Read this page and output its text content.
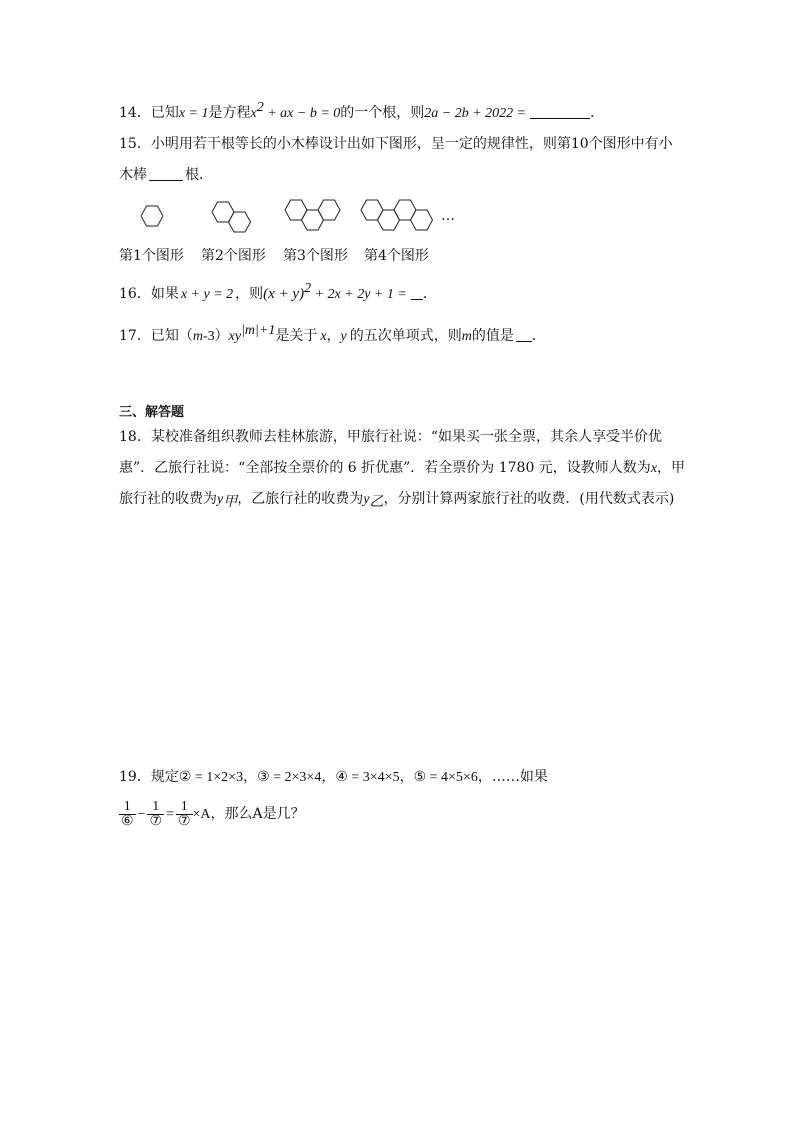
14．已知x = 1是方程$x^2$ + ax − b = 0的一个根，则2a − 2b + 2022 =	．
15．小明用若干根等长的小木棒设计出如下图形，呈一定的规律性，则第10个图形中有小
木棒	根．
…
第1个图形 第2个图形 第3个图形 第4个图形
16．如果 x + y = 2 ，则$(x + y)^2 + 2x + 2y + 1$ = ．
17．已知$(m-3)xy^{|m|+1}$是关于 x，y 的五次单项式，则m的值是 ．
三、解答题
18．某校准备组织教师去桂林旅游，甲旅行社说：“如果买一张全票，其余人享受半价优
惠”．乙旅行社说：“全部按全票价的 6 折优惠”．若全票价为 1780 元，设教师人数为x，甲
旅行社的收费为$y_甲$，乙旅行社的收费为$y_乙$，分别计算两家旅行社的收费．(用代数式表示)
19．规定② = 1×2×3，③ = 2×3×4，④ = 3×4×5，⑤ = 4×5×6，……如果
$\frac{1}{\text{⑥}} - \frac{1}{\text{⑦}} = \frac{1}{\text{⑦}} \times A$，那么A是几？
